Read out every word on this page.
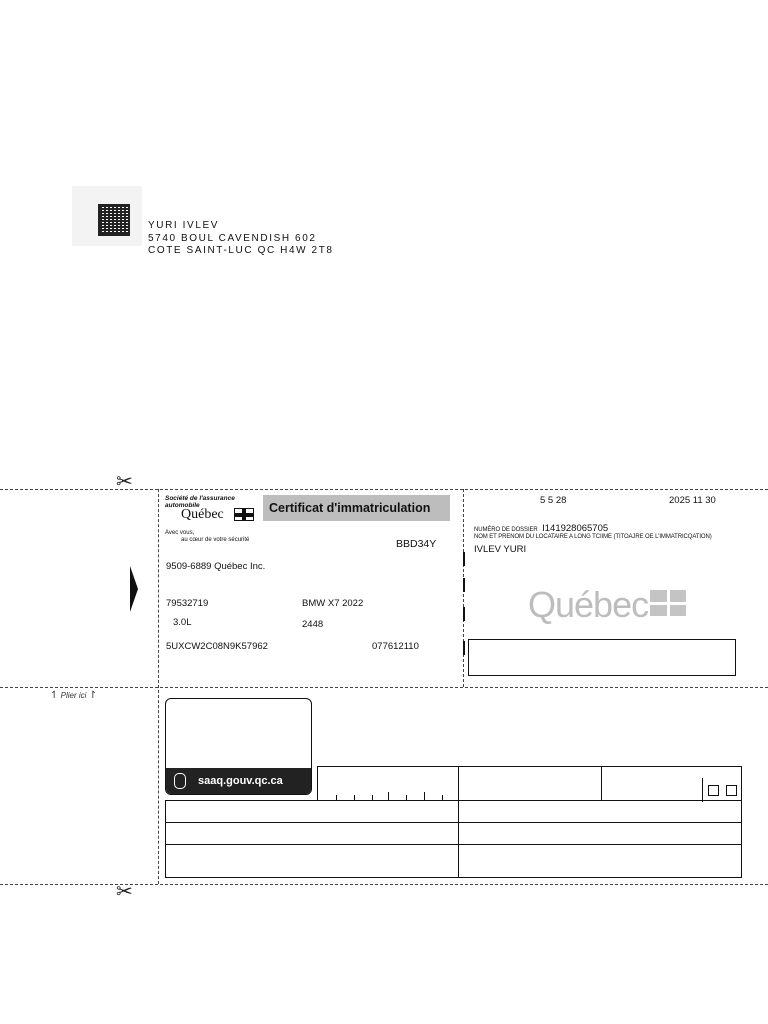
YURI IVLEV
5740 BOUL CAVENDISH 602
COTE SAINT-LUC QC H4W 2T8
✂
✂
↿ Plier ici ↾
Société de l'assurance
automobile
Québec
Avec vous,
au cœur de votre sécurité
Certificat d'immatriculation
BBD34Y
9509-6889 Québec Inc.
79532719	BMW X7 2022
3.0L	2448
5UXCW2C08N9K57962	077612110
5 5 28	2025 11 30
NUMÉRO DE DOSSIER I141928065705
NOM ET PRENOM DU LOCATAIRE A LONG TCIIME (TITOAJRE OE L'IMMATRICQATION)
IVLEV YURI
Québec
saaq.gouv.qc.ca
